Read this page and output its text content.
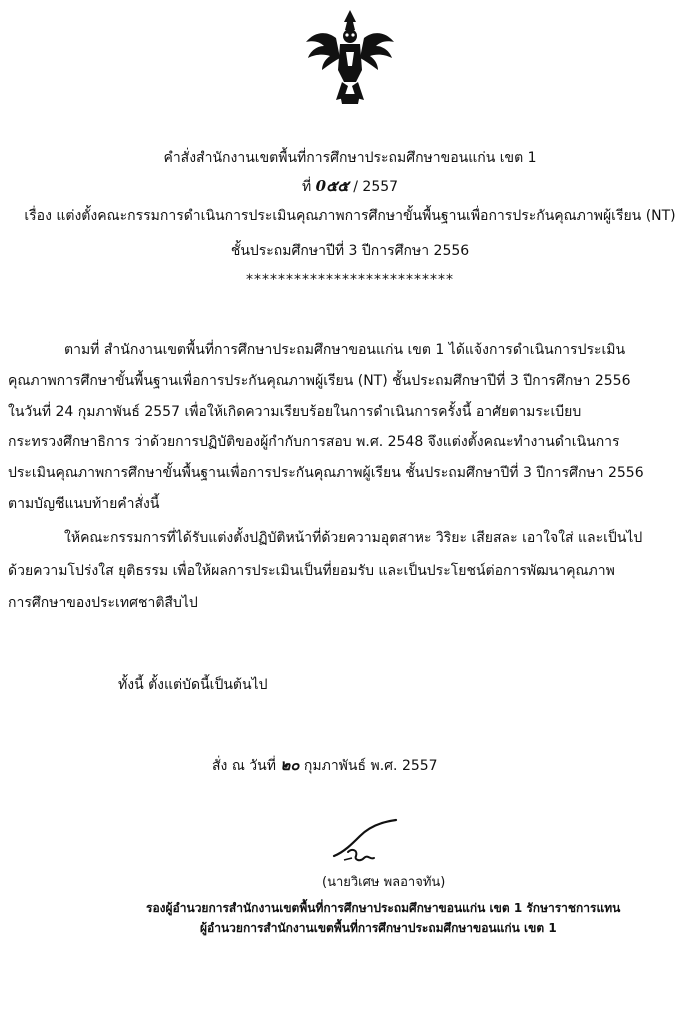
คำสั่งสำนักงานเขตพื้นที่การศึกษาประถมศึกษาขอนแก่น เขต 1
ที่ 0๕๕ / 2557
เรื่อง แต่งตั้งคณะกรรมการดำเนินการประเมินคุณภาพการศึกษาขั้นพื้นฐานเพื่อการประกันคุณภาพผู้เรียน (NT)
ชั้นประถมศึกษาปีที่ 3 ปีการศึกษา 2556
**************************
ตามที่ สำนักงานเขตพื้นที่การศึกษาประถมศึกษาขอนแก่น เขต 1 ได้แจ้งการดำเนินการประเมิน
คุณภาพการศึกษาขั้นพื้นฐานเพื่อการประกันคุณภาพผู้เรียน (NT) ชั้นประถมศึกษาปีที่ 3 ปีการศึกษา 2556
ในวันที่ 24 กุมภาพันธ์ 2557 เพื่อให้เกิดความเรียบร้อยในการดำเนินการครั้งนี้ อาศัยตามระเบียบ
กระทรวงศึกษาธิการ ว่าด้วยการปฏิบัติของผู้กำกับการสอบ พ.ศ. 2548 จึงแต่งตั้งคณะทำงานดำเนินการ
ประเมินคุณภาพการศึกษาขั้นพื้นฐานเพื่อการประกันคุณภาพผู้เรียน ชั้นประถมศึกษาปีที่ 3 ปีการศึกษา 2556
ตามบัญชีแนบท้ายคำสั่งนี้
ให้คณะกรรมการที่ได้รับแต่งตั้งปฏิบัติหน้าที่ด้วยความอุตสาหะ วิริยะ เสียสละ เอาใจใส่ และเป็นไป
ด้วยความโปร่งใส ยุติธรรม เพื่อให้ผลการประเมินเป็นที่ยอมรับ และเป็นประโยชน์ต่อการพัฒนาคุณภาพ
การศึกษาของประเทศชาติสืบไป
ทั้งนี้ ตั้งแต่บัดนี้เป็นต้นไป
สั่ง ณ วันที่ ๒๐ กุมภาพันธ์ พ.ศ. 2557
(นายวิเศษ พลอาจทัน)
รองผู้อำนวยการสำนักงานเขตพื้นที่การศึกษาประถมศึกษาขอนแก่น เขต 1 รักษาราชการแทน
ผู้อำนวยการสำนักงานเขตพื้นที่การศึกษาประถมศึกษาขอนแก่น เขต 1
